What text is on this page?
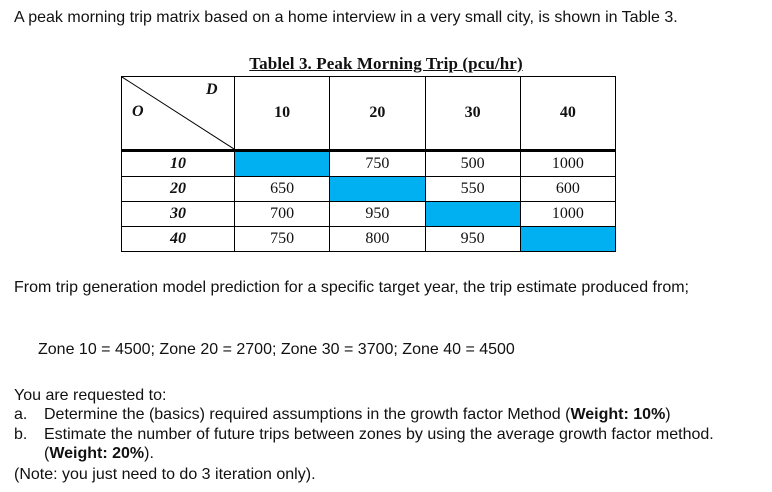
A peak morning trip matrix based on a home interview in a very small city, is shown in Table 3.
Tablel 3. Peak Morning Trip (pcu/hr)
D
O	10	20	30	40
10		750	500	1000
20	650		550	600
30	700	950		1000
40	750	800	950	
From trip generation model prediction for a specific target year, the trip estimate produced from;
Zone 10 = 4500; Zone 20 = 2700; Zone 30 = 3700; Zone 40 = 4500
You are requested to:
a.	Determine the (basics) required assumptions in the growth factor Method (Weight: 10%)
b.	Estimate the number of future trips between zones by using the average growth factor method. (Weight: 20%).
(Note: you just need to do 3 iteration only).
